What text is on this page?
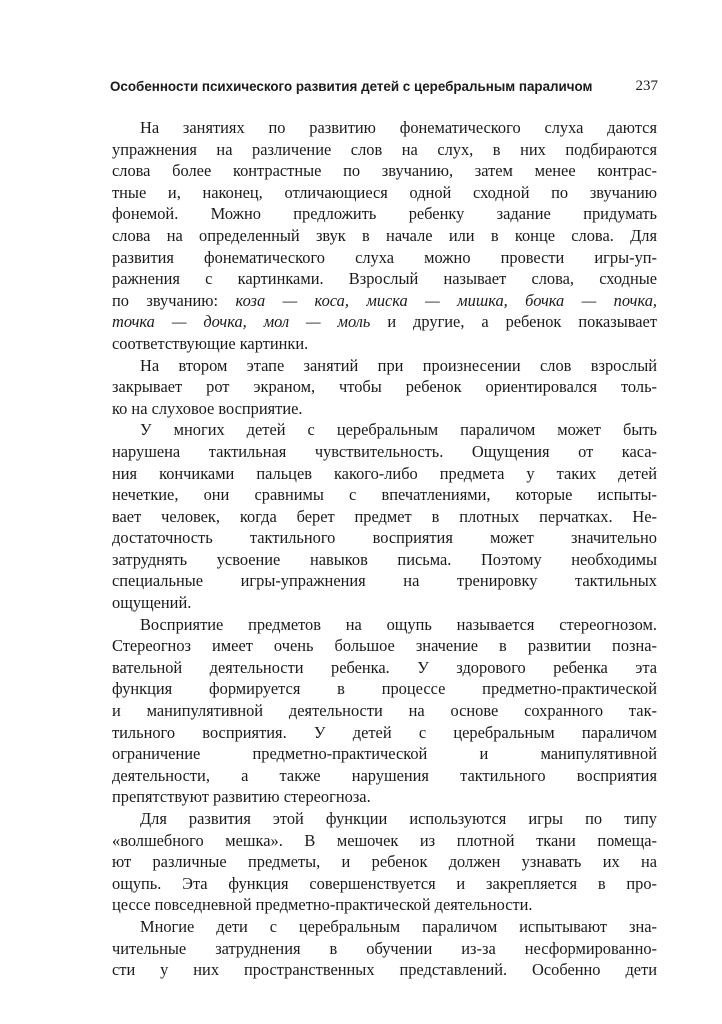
Особенности психического развития детей с церебральным параличом	237
На занятиях по развитию фонематического слуха даются
упражнения на различение слов на слух, в них подбираются
слова более контрастные по звучанию, затем менее контрас-
тные и, наконец, отличающиеся одной сходной по звучанию
фонемой. Можно предложить ребенку задание придумать
слова на определенный звук в начале или в конце слова. Для
развития фонематического слуха можно провести игры-уп-
ражнения с картинками. Взрослый называет слова, сходные
по звучанию: коза — коса, миска — мишка, бочка — почка,
точка — дочка, мол — моль и другие, а ребенок показывает
соответствующие картинки.
На втором этапе занятий при произнесении слов взрослый
закрывает рот экраном, чтобы ребенок ориентировался толь-
ко на слуховое восприятие.
У многих детей с церебральным параличом может быть
нарушена тактильная чувствительность. Ощущения от каса-
ния кончиками пальцев какого-либо предмета у таких детей
нечеткие, они сравнимы с впечатлениями, которые испыты-
вает человек, когда берет предмет в плотных перчатках. Не-
достаточность тактильного восприятия может значительно
затруднять усвоение навыков письма. Поэтому необходимы
специальные игры-упражнения на тренировку тактильных
ощущений.
Восприятие предметов на ощупь называется стереогнозом.
Стереогноз имеет очень большое значение в развитии позна-
вательной деятельности ребенка. У здорового ребенка эта
функция формируется в процессе предметно-практической
и манипулятивной деятельности на основе сохранного так-
тильного восприятия. У детей с церебральным параличом
ограничение предметно-практической и манипулятивной
деятельности, а также нарушения тактильного восприятия
препятствуют развитию стереогноза.
Для развития этой функции используются игры по типу
«волшебного мешка». В мешочек из плотной ткани помеща-
ют различные предметы, и ребенок должен узнавать их на
ощупь. Эта функция совершенствуется и закрепляется в про-
цессе повседневной предметно-практической деятельности.
Многие дети с церебральным параличом испытывают зна-
чительные затруднения в обучении из-за несформированно-
сти у них пространственных представлений. Особенно дети
